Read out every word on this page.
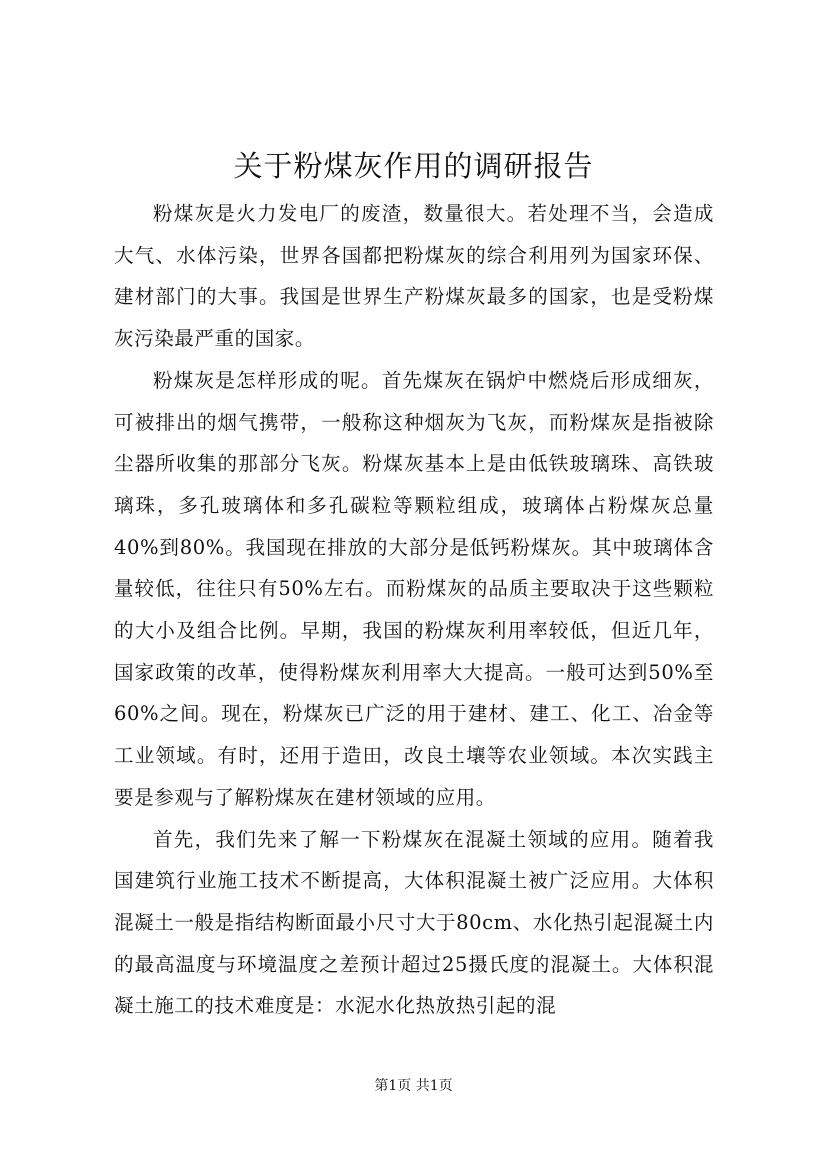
关于粉煤灰作用的调研报告

粉煤灰是火力发电厂的废渣，数量很大。若处理不当，会造成大气、水体污染，世界各国都把粉煤灰的综合利用列为国家环保、建材部门的大事。我国是世界生产粉煤灰最多的国家，也是受粉煤灰污染最严重的国家。

粉煤灰是怎样形成的呢。首先煤灰在锅炉中燃烧后形成细灰，可被排出的烟气携带，一般称这种烟灰为飞灰，而粉煤灰是指被除尘器所收集的那部分飞灰。粉煤灰基本上是由低铁玻璃珠、高铁玻璃珠，多孔玻璃体和多孔碳粒等颗粒组成，玻璃体占粉煤灰总量40%到80%。我国现在排放的大部分是低钙粉煤灰。其中玻璃体含量较低，往往只有50%左右。而粉煤灰的品质主要取决于这些颗粒的大小及组合比例。早期，我国的粉煤灰利用率较低，但近几年，国家政策的改革，使得粉煤灰利用率大大提高。一般可达到50%至60%之间。现在，粉煤灰已广泛的用于建材、建工、化工、冶金等工业领域。有时，还用于造田，改良土壤等农业领域。本次实践主要是参观与了解粉煤灰在建材领域的应用。

首先，我们先来了解一下粉煤灰在混凝土领域的应用。随着我国建筑行业施工技术不断提高，大体积混凝土被广泛应用。大体积混凝土一般是指结构断面最小尺寸大于80cm、水化热引起混凝土内的最高温度与环境温度之差预计超过25摄氏度的混凝土。大体积混凝土施工的技术难度是：水泥水化热放热引起的混

第1页 共1页
